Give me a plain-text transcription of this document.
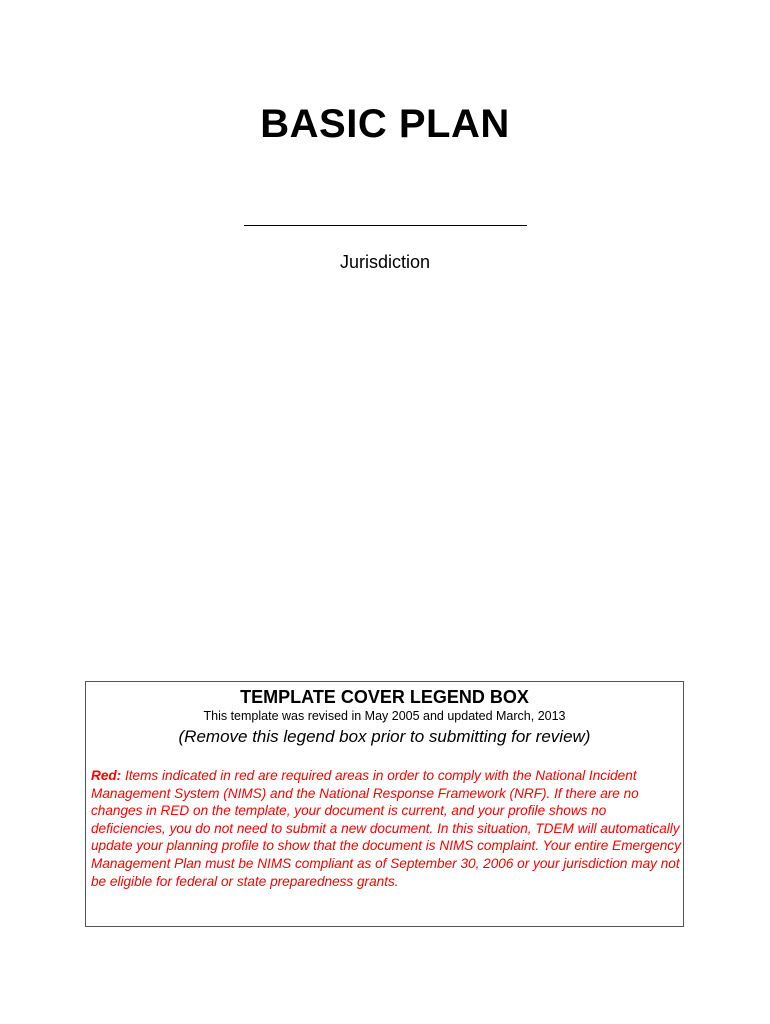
BASIC PLAN
Jurisdiction
TEMPLATE COVER LEGEND BOX
This template was revised in May 2005 and updated March, 2013
(Remove this legend box prior to submitting for review)

Red: Items indicated in red are required areas in order to comply with the National Incident Management System (NIMS) and the National Response Framework (NRF). If there are no changes in RED on the template, your document is current, and your profile shows no deficiencies, you do not need to submit a new document. In this situation, TDEM will automatically update your planning profile to show that the document is NIMS complaint. Your entire Emergency Management Plan must be NIMS compliant as of September 30, 2006 or your jurisdiction may not be eligible for federal or state preparedness grants.
